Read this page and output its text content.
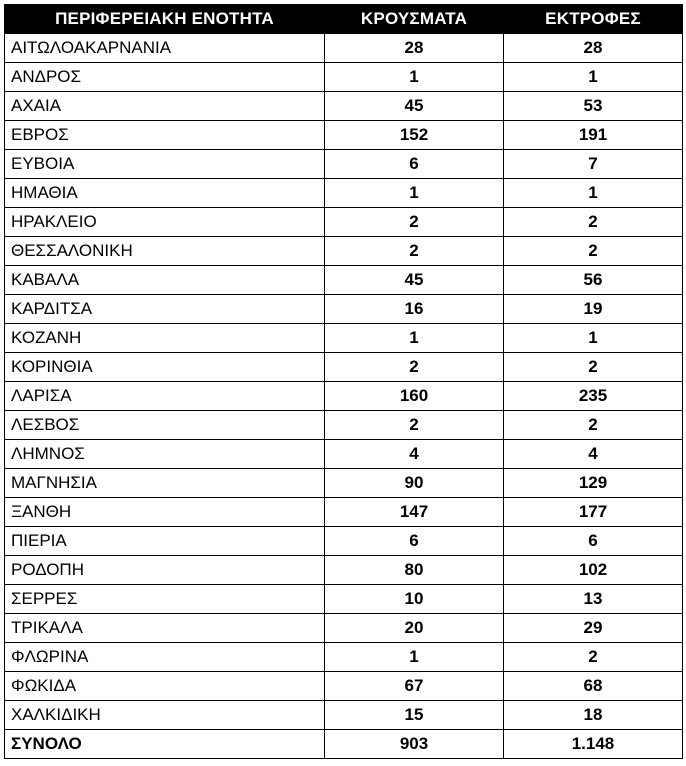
ΠΕΡΙΦΕΡΕΙΑΚΗ ΕΝΟΤΗΤΑ	ΚΡΟΥΣΜΑΤΑ	ΕΚΤΡΟΦΕΣ
ΑΙΤΩΛΟΑΚΑΡΝΑΝΙΑ	28	28
ΑΝΔΡΟΣ	1	1
ΑΧΑΙΑ	45	53
ΕΒΡΟΣ	152	191
ΕΥΒΟΙΑ	6	7
ΗΜΑΘΙΑ	1	1
ΗΡΑΚΛΕΙΟ	2	2
ΘΕΣΣΑΛΟΝΙΚΗ	2	2
ΚΑΒΑΛΑ	45	56
ΚΑΡΔΙΤΣΑ	16	19
ΚΟΖΑΝΗ	1	1
ΚΟΡΙΝΘΙΑ	2	2
ΛΑΡΙΣΑ	160	235
ΛΕΣΒΟΣ	2	2
ΛΗΜΝΟΣ	4	4
ΜΑΓΝΗΣΙΑ	90	129
ΞΑΝΘΗ	147	177
ΠΙΕΡΙΑ	6	6
ΡΟΔΟΠΗ	80	102
ΣΕΡΡΕΣ	10	13
ΤΡΙΚΑΛΑ	20	29
ΦΛΩΡΙΝΑ	1	2
ΦΩΚΙΔΑ	67	68
ΧΑΛΚΙΔΙΚΗ	15	18
ΣΥΝΟΛΟ	903	1.148
